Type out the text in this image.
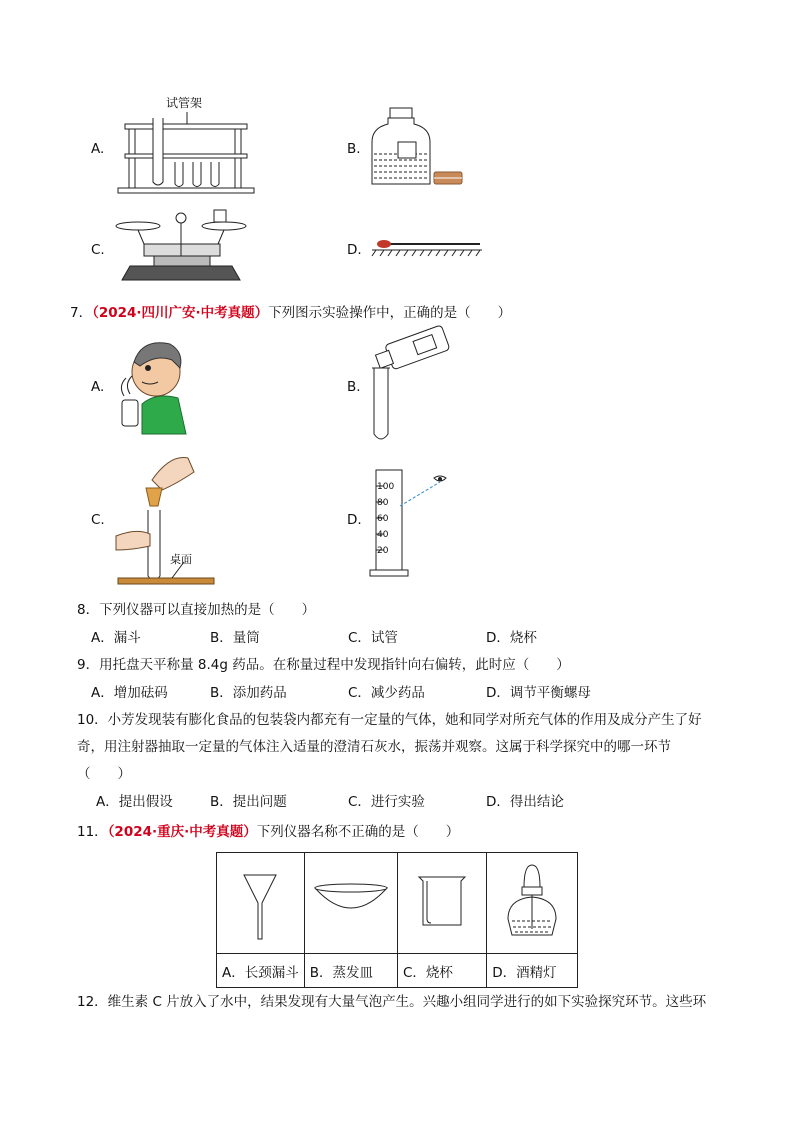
A.
试管架
B.
C.	D.
7．（2024·四川广安·中考真题）下列图示实验操作中，正确的是（　　）
A.	B.
C.
桌面
D.
100
80
60
40
20
8．下列仪器可以直接加热的是（　　）
A．漏斗	B．量筒	C．试管	D．烧杯
9．用托盘天平称量 8.4g 药品。在称量过程中发现指针向右偏转，此时应（　　）
A．增加砝码	B．添加药品	C．减少药品	D．调节平衡螺母
10．小芳发现装有膨化食品的包装袋内都充有一定量的气体，她和同学对所充气体的作用及成分产生了好
奇，用注射器抽取一定量的气体注入适量的澄清石灰水，振荡并观察。这属于科学探究中的哪一环节
（　　）
A．提出假设	B．提出问题	C．进行实验	D．得出结论
11．（2024·重庆·中考真题）下列仪器名称不正确的是（　　）

A．长颈漏斗	B．蒸发皿	C．烧杯	D．酒精灯
12．维生素 C 片放入了水中，结果发现有大量气泡产生。兴趣小组同学进行的如下实验探究环节。这些环
